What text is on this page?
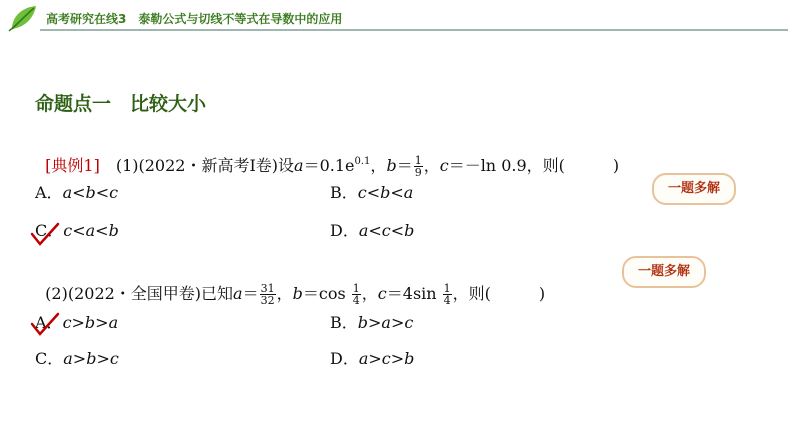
高考研究在线3　泰勒公式与切线不等式在导数中的应用
命题点一　比较大小

[典例1]　(1)(2022・新高考Ⅰ卷)设$a=0.1e^{0.1}$，$b= \frac{1}{9}$ ，c＝－ln 0.9，则(　　　)

A．a<b<c	B．c<b<a
C．c<a<b	D．a<c<b
一题多解

(2)(2022・全国甲卷)已知$a= \frac{31}{32}$ ，$b=\cos \frac{1}{4}$ ，$c=4\sin \frac{1}{4}$ ，则(　　　)

一题多解
A．c>b>a	B．b>a>c
C．a>b>c	D．a>c>b
